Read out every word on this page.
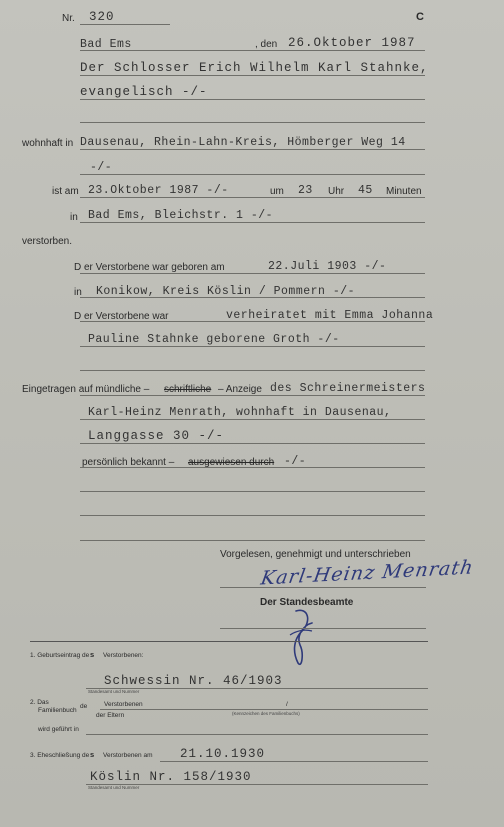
Nr. 320	C
Bad Ems	, den 26.Oktober 1987
Der Schlosser Erich Wilhelm Karl Stahnke,
evangelisch -/-
wohnhaft in Dausenau, Rhein-Lahn-Kreis, Hömberger Weg 14
-/-
ist am 23.Oktober 1987 -/-	um 23 Uhr 45 Minuten
in Bad Ems, Bleichstr. 1 -/-
verstorben.
D er Verstorbene war geboren am	22.Juli 1903 -/-
in Konikow, Kreis Köslin / Pommern -/-
D er Verstorbene war	verheiratet mit Emma Johanna
Pauline Stahnke geborene Groth -/-
Eingetragen auf mündliche – schriftliche – Anzeige des Schreinermeisters
Karl-Heinz Menrath, wohnhaft in Dausenau,
Langgasse 30 -/-
persönlich bekannt – ausgewiesen durch -/-
Vorgelesen, genehmigt und unterschrieben
Karl-Heinz Menrath
Der Standesbeamte
1. Geburtseintrag de s Verstorbenen:
Schwessin Nr. 46/1903
Standesamt und Nummer
2. Das
Familienbuch
de	Verstorbenen	/
der Eltern	(Kennzeichen des Familienbuchs)
wird geführt in
3. Eheschließung de s Verstorbenen am 21.10.1930
Köslin Nr. 158/1930
Standesamt und Nummer
